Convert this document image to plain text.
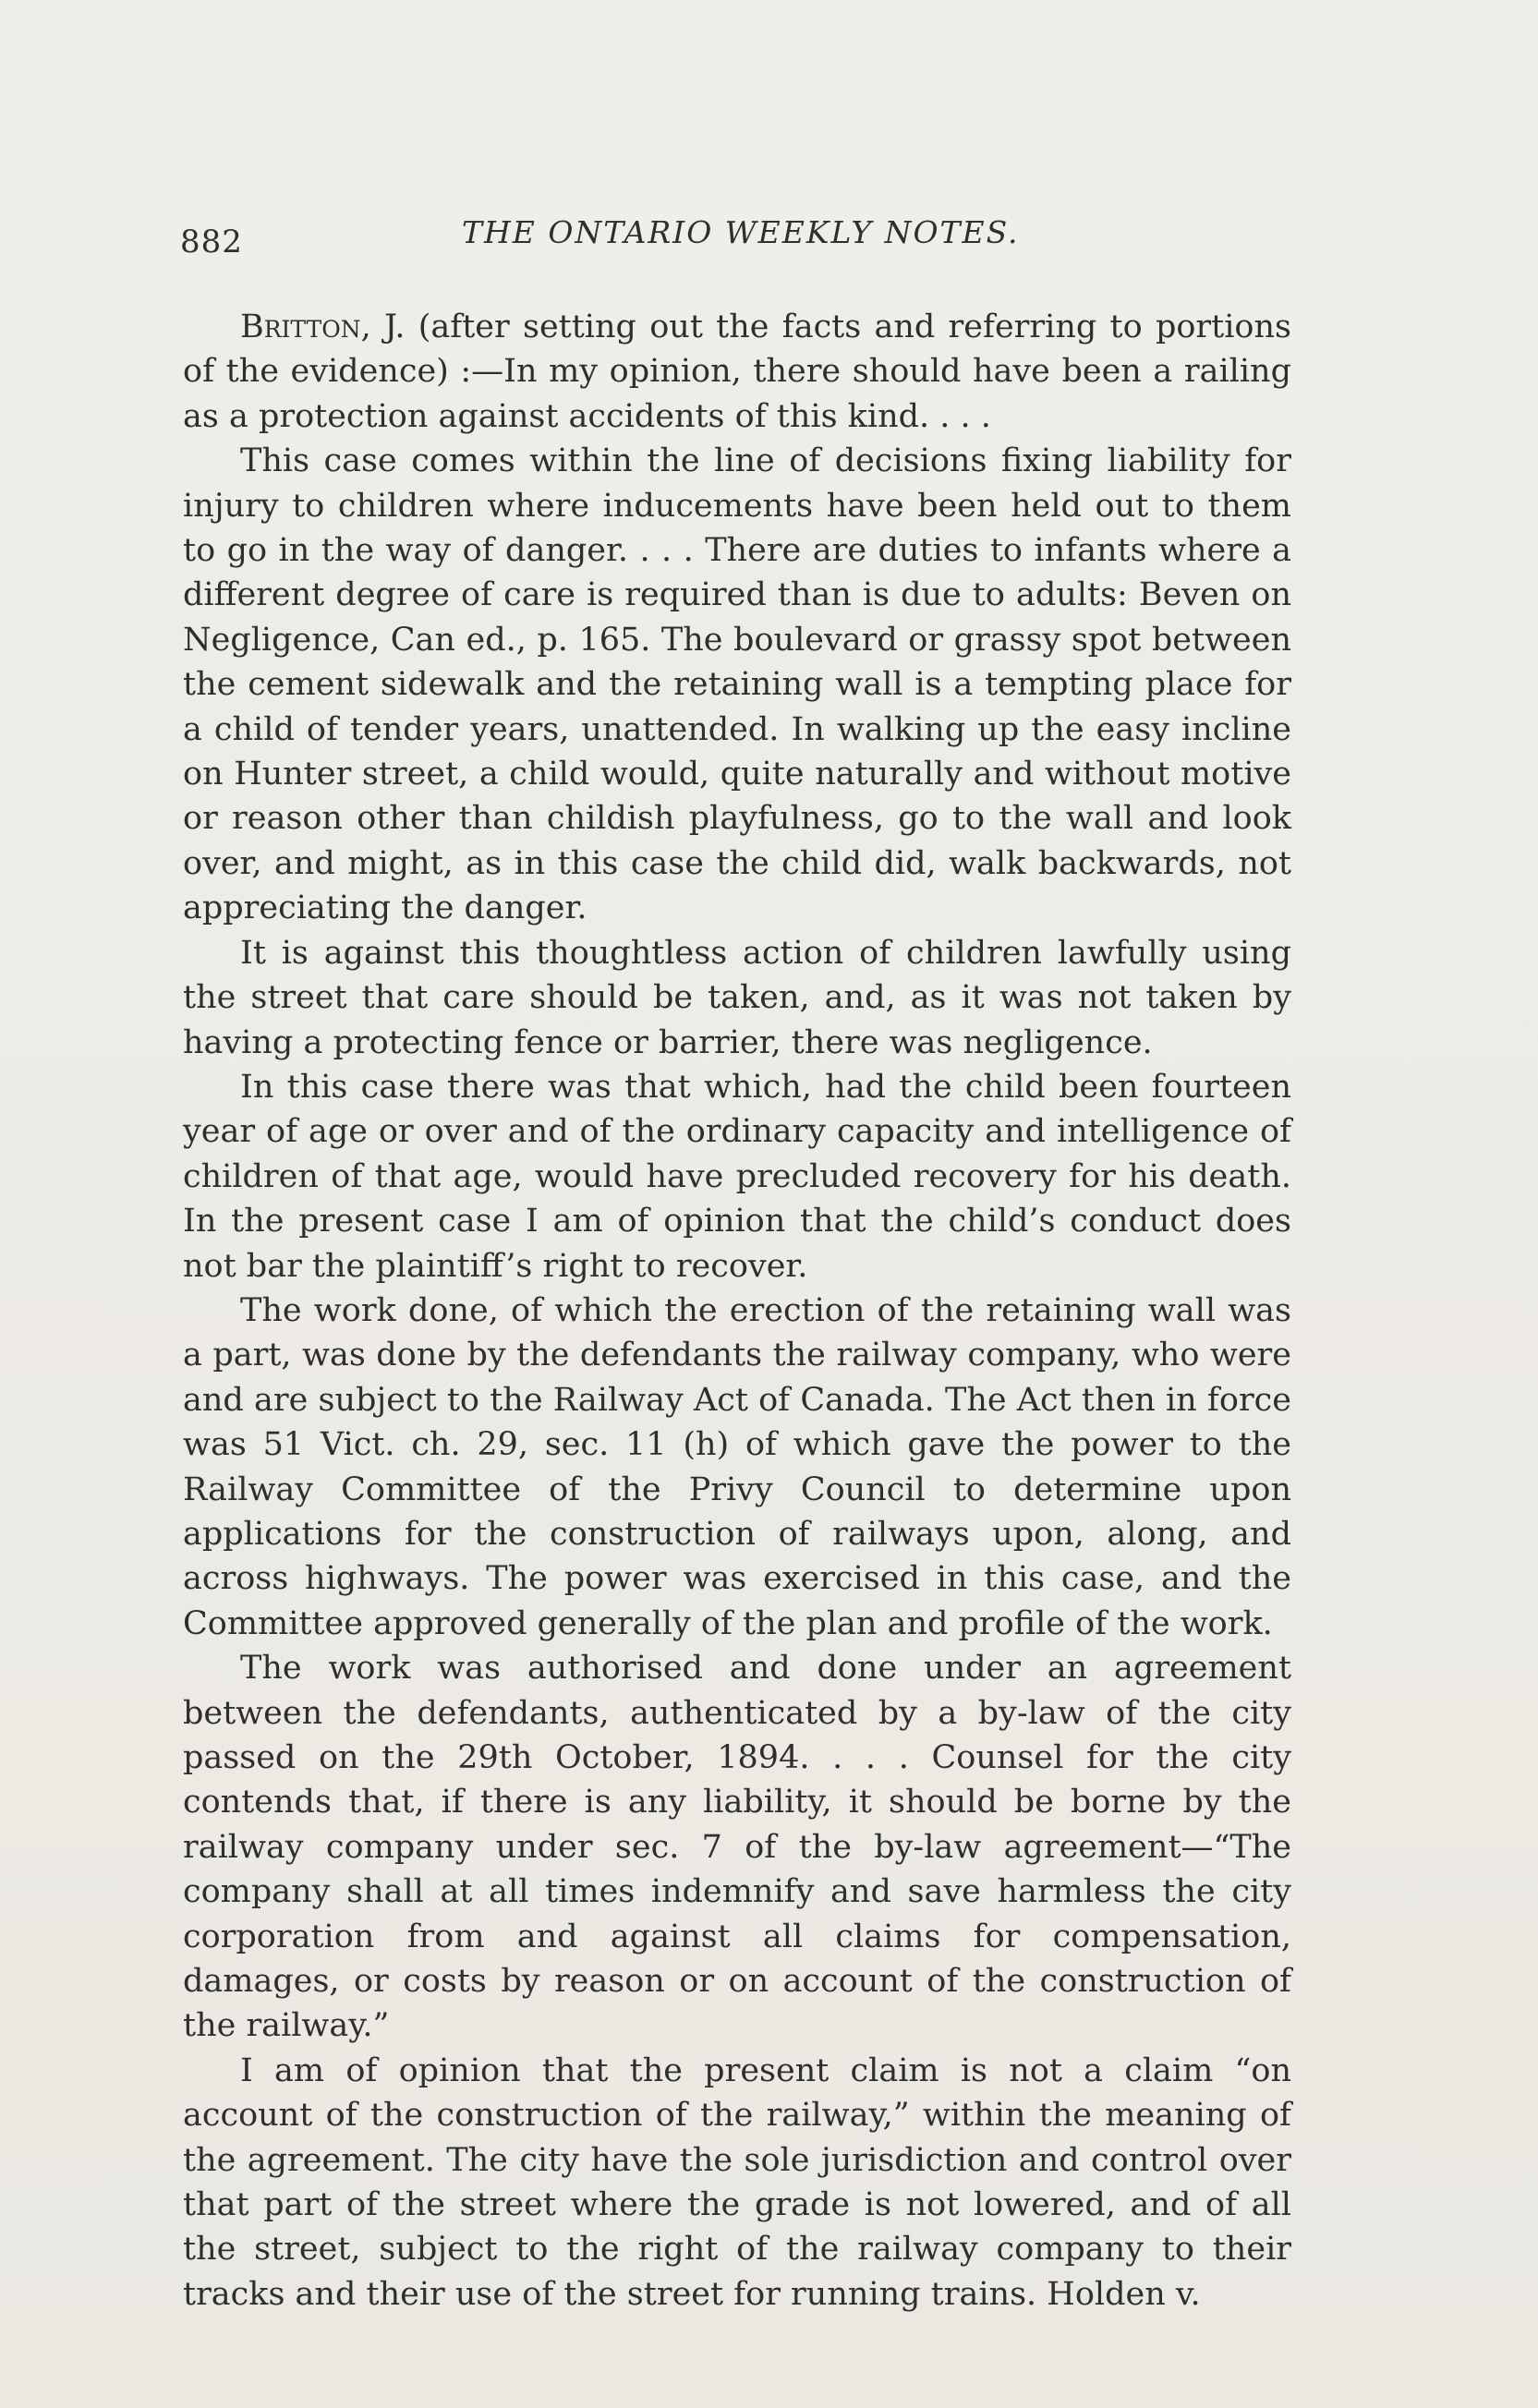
882	THE ONTARIO WEEKLY NOTES.

Britton, J. (after setting out the facts and referring to portions of the evidence) :—In my opinion, there should have been a railing as a protection against accidents of this kind. . . .

This case comes within the line of decisions fixing liability for injury to children where inducements have been held out to them to go in the way of danger. . . . There are duties to infants where a different degree of care is required than is due to adults: Beven on Negligence, Can ed., p. 165. The boulevard or grassy spot between the cement sidewalk and the retaining wall is a tempting place for a child of tender years, unattended. In walking up the easy incline on Hunter street, a child would, quite naturally and without motive or reason other than childish playfulness, go to the wall and look over, and might, as in this case the child did, walk backwards, not appreciating the danger.

It is against this thoughtless action of children lawfully using the street that care should be taken, and, as it was not taken by having a protecting fence or barrier, there was negligence.

In this case there was that which, had the child been fourteen year of age or over and of the ordinary capacity and intelligence of children of that age, would have precluded recovery for his death. In the present case I am of opinion that the child’s conduct does not bar the plaintiff’s right to recover.

The work done, of which the erection of the retaining wall was a part, was done by the defendants the railway company, who were and are subject to the Railway Act of Canada. The Act then in force was 51 Vict. ch. 29, sec. 11 (h) of which gave the power to the Railway Committee of the Privy Council to determine upon applications for the construction of railways upon, along, and across highways. The power was exercised in this case, and the Committee approved generally of the plan and profile of the work.

The work was authorised and done under an agreement between the defendants, authenticated by a by-law of the city passed on the 29th October, 1894. . . . Counsel for the city contends that, if there is any liability, it should be borne by the railway company under sec. 7 of the by-law agreement—“The company shall at all times indemnify and save harmless the city corporation from and against all claims for compensation, damages, or costs by reason or on account of the construction of the railway.”

I am of opinion that the present claim is not a claim “on account of the construction of the railway,” within the meaning of the agreement. The city have the sole jurisdiction and control over that part of the street where the grade is not lowered, and of all the street, subject to the right of the railway company to their tracks and their use of the street for running trains. Holden v.
